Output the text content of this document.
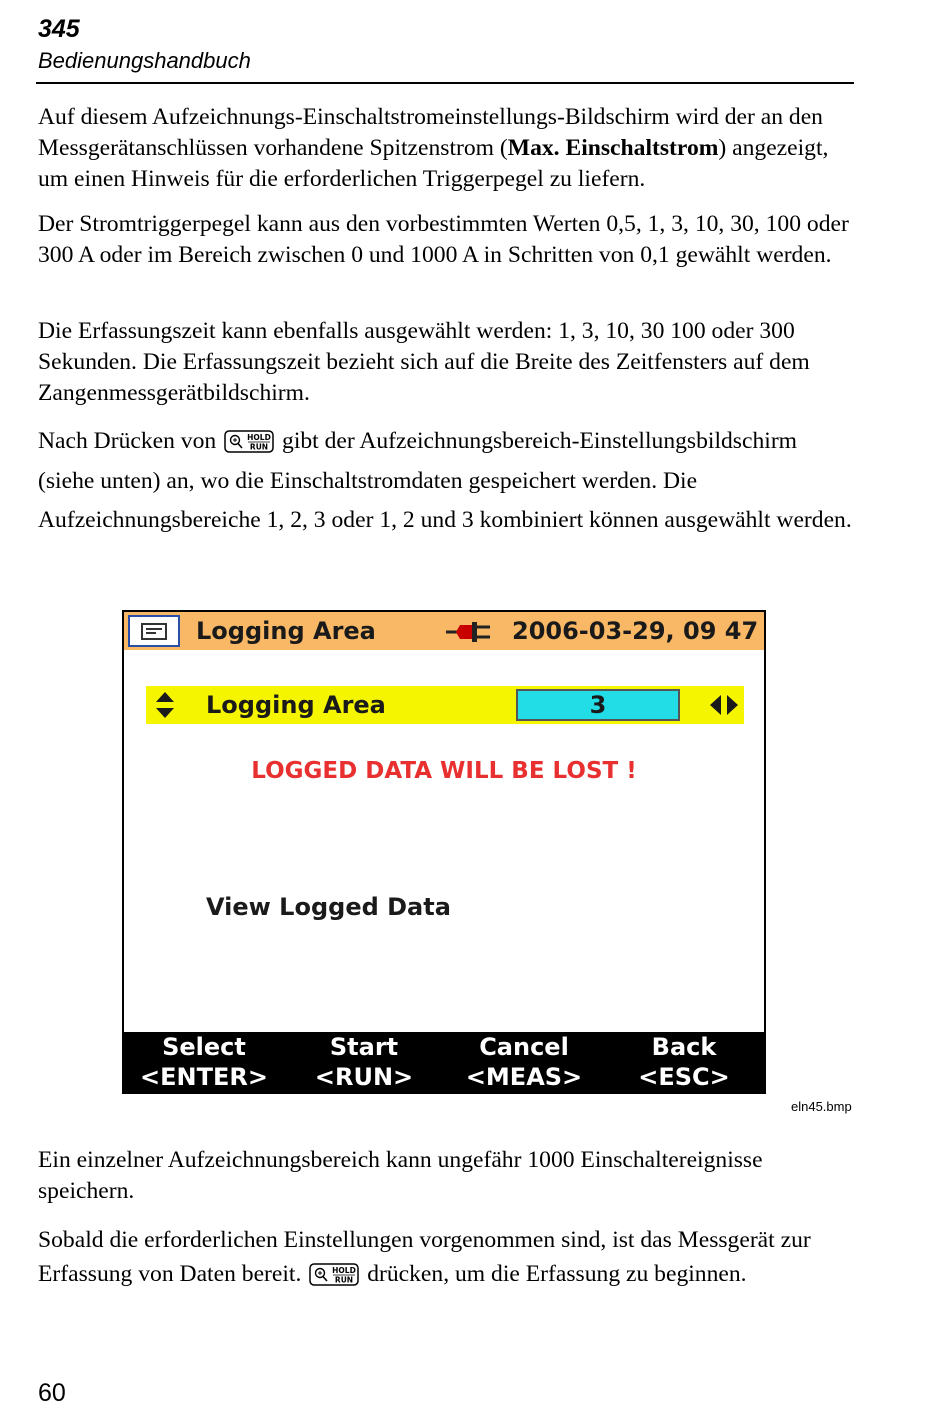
345
Bedienungshandbuch

Auf diesem Aufzeichnungs-Einschaltstromeinstellungs-Bildschirm wird der an den Messgerätanschlüssen vorhandene Spitzenstrom (Max. Einschaltstrom) angezeigt, um einen Hinweis für die erforderlichen Triggerpegel zu liefern.

Der Stromtriggerpegel kann aus den vorbestimmten Werten 0,5, 1, 3, 10, 30, 100 oder 300 A oder im Bereich zwischen 0 und 1000 A in Schritten von 0,1 gewählt werden.

Die Erfassungszeit kann ebenfalls ausgewählt werden: 1, 3, 10, 30 100 oder 300 Sekunden. Die Erfassungszeit bezieht sich auf die Breite des Zeitfensters auf dem Zangenmessgerätbildschirm.

Nach Drücken von	HOLD
RUN gibt der Aufzeichnungsbereich-Einstellungsbildschirm (siehe unten) an, wo die Einschaltstromdaten gespeichert werden. Die Aufzeichnungsbereiche 1, 2, 3 oder 1, 2 und 3 kombiniert können ausgewählt werden.

Logging Area	2006-03-29, 09 47
Logging Area	3
LOGGED DATA WILL BE LOST !
View Logged Data
Select
<ENTER>
Start
<RUN>
Cancel
<MEAS>
Back
<ESC>
eln45.bmp

Ein einzelner Aufzeichnungsbereich kann ungefähr 1000 Einschaltereignisse speichern.

Sobald die erforderlichen Einstellungen vorgenommen sind, ist das Messgerät zur Erfassung von Daten bereit.	HOLD
RUN drücken, um die Erfassung zu beginnen.

60
